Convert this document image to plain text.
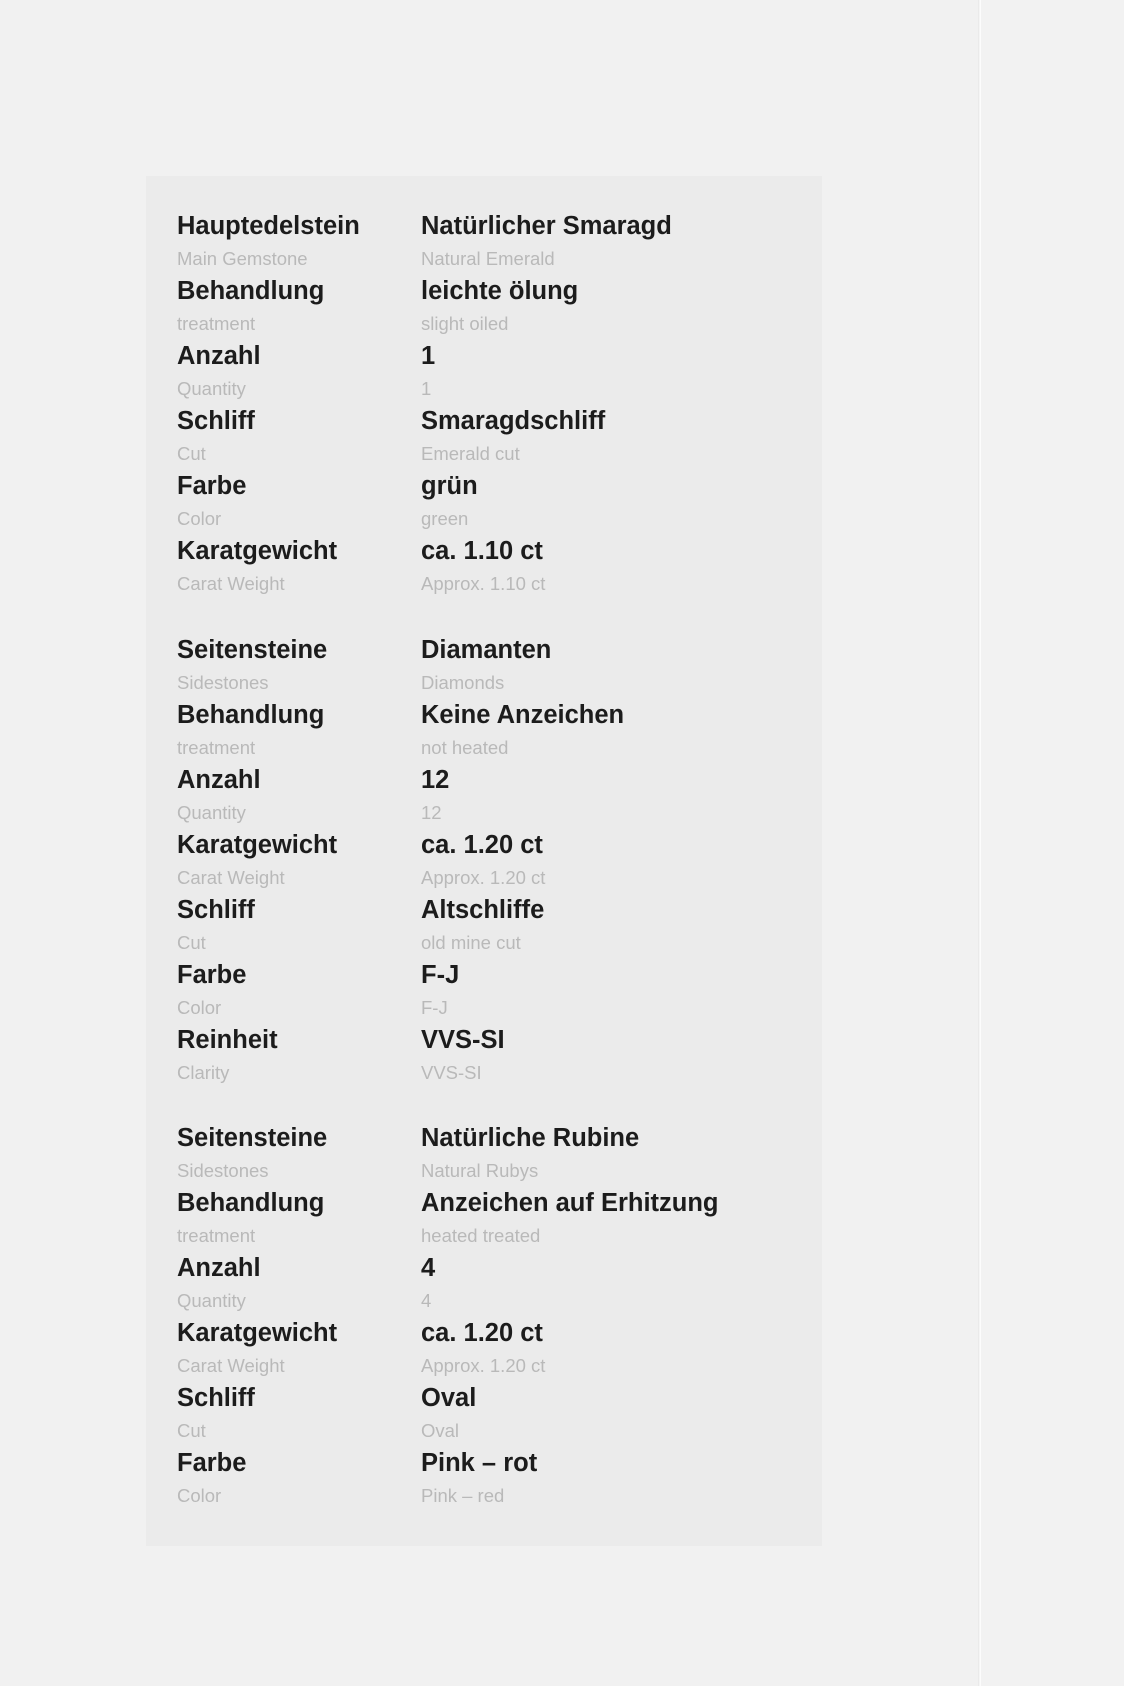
Hauptedelstein	Natürlicher Smaragd
Main Gemstone	Natural Emerald
Behandlung	leichte ölung
treatment	slight oiled
Anzahl	1
Quantity	1
Schliff	Smaragdschliff
Cut	Emerald cut
Farbe	grün
Color	green
Karatgewicht	ca. 1.10 ct
Carat Weight	Approx. 1.10 ct
Seitensteine	Diamanten
Sidestones	Diamonds
Behandlung	Keine Anzeichen
treatment	not heated
Anzahl	12
Quantity	12
Karatgewicht	ca. 1.20 ct
Carat Weight	Approx. 1.20 ct
Schliff	Altschliffe
Cut	old mine cut
Farbe	F-J
Color	F-J
Reinheit	VVS-SI
Clarity	VVS-SI
Seitensteine	Natürliche Rubine
Sidestones	Natural Rubys
Behandlung	Anzeichen auf Erhitzung
treatment	heated treated
Anzahl	4
Quantity	4
Karatgewicht	ca. 1.20 ct
Carat Weight	Approx. 1.20 ct
Schliff	Oval
Cut	Oval
Farbe	Pink – rot
Color	Pink – red
